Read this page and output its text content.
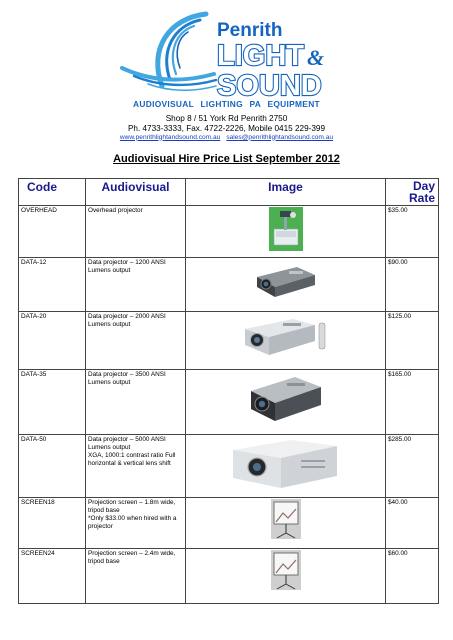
Penrith
LIGHT &
SOUND
AUDIOVISUAL LIGHTING PA EQUIPMENT
Shop 8 / 51 York Rd Penrith 2750
Ph. 4733-3333, Fax. 4722-2226, Mobile 0415 229-399
www.penrithlightandsound.com.au sales@penrithlightandsound.com.au
Audiovisual Hire Price List September 2012
Code	Audiovisual	Image	Day
Rate
OVERHEAD	Overhead projector		$35.00
DATA-12	Data projector – 1200 ANSI Lumens output		$90.00
DATA-20	Data projector – 2000 ANSI Lumens output		$125.00
DATA-35	Data projector – 3500 ANSI Lumens output		$165.00
DATA-50	Data projector – 5000 ANSI Lumens output
XGA, 1000:1 contrast ratio Full horizontal & vertical lens shift		$285.00
SCREEN18	Projection screen – 1.8m wide, tripod base
*Only $33.00 when hired with a projector		$40.00
SCREEN24	Projection screen – 2.4m wide, tripod base		$60.00
